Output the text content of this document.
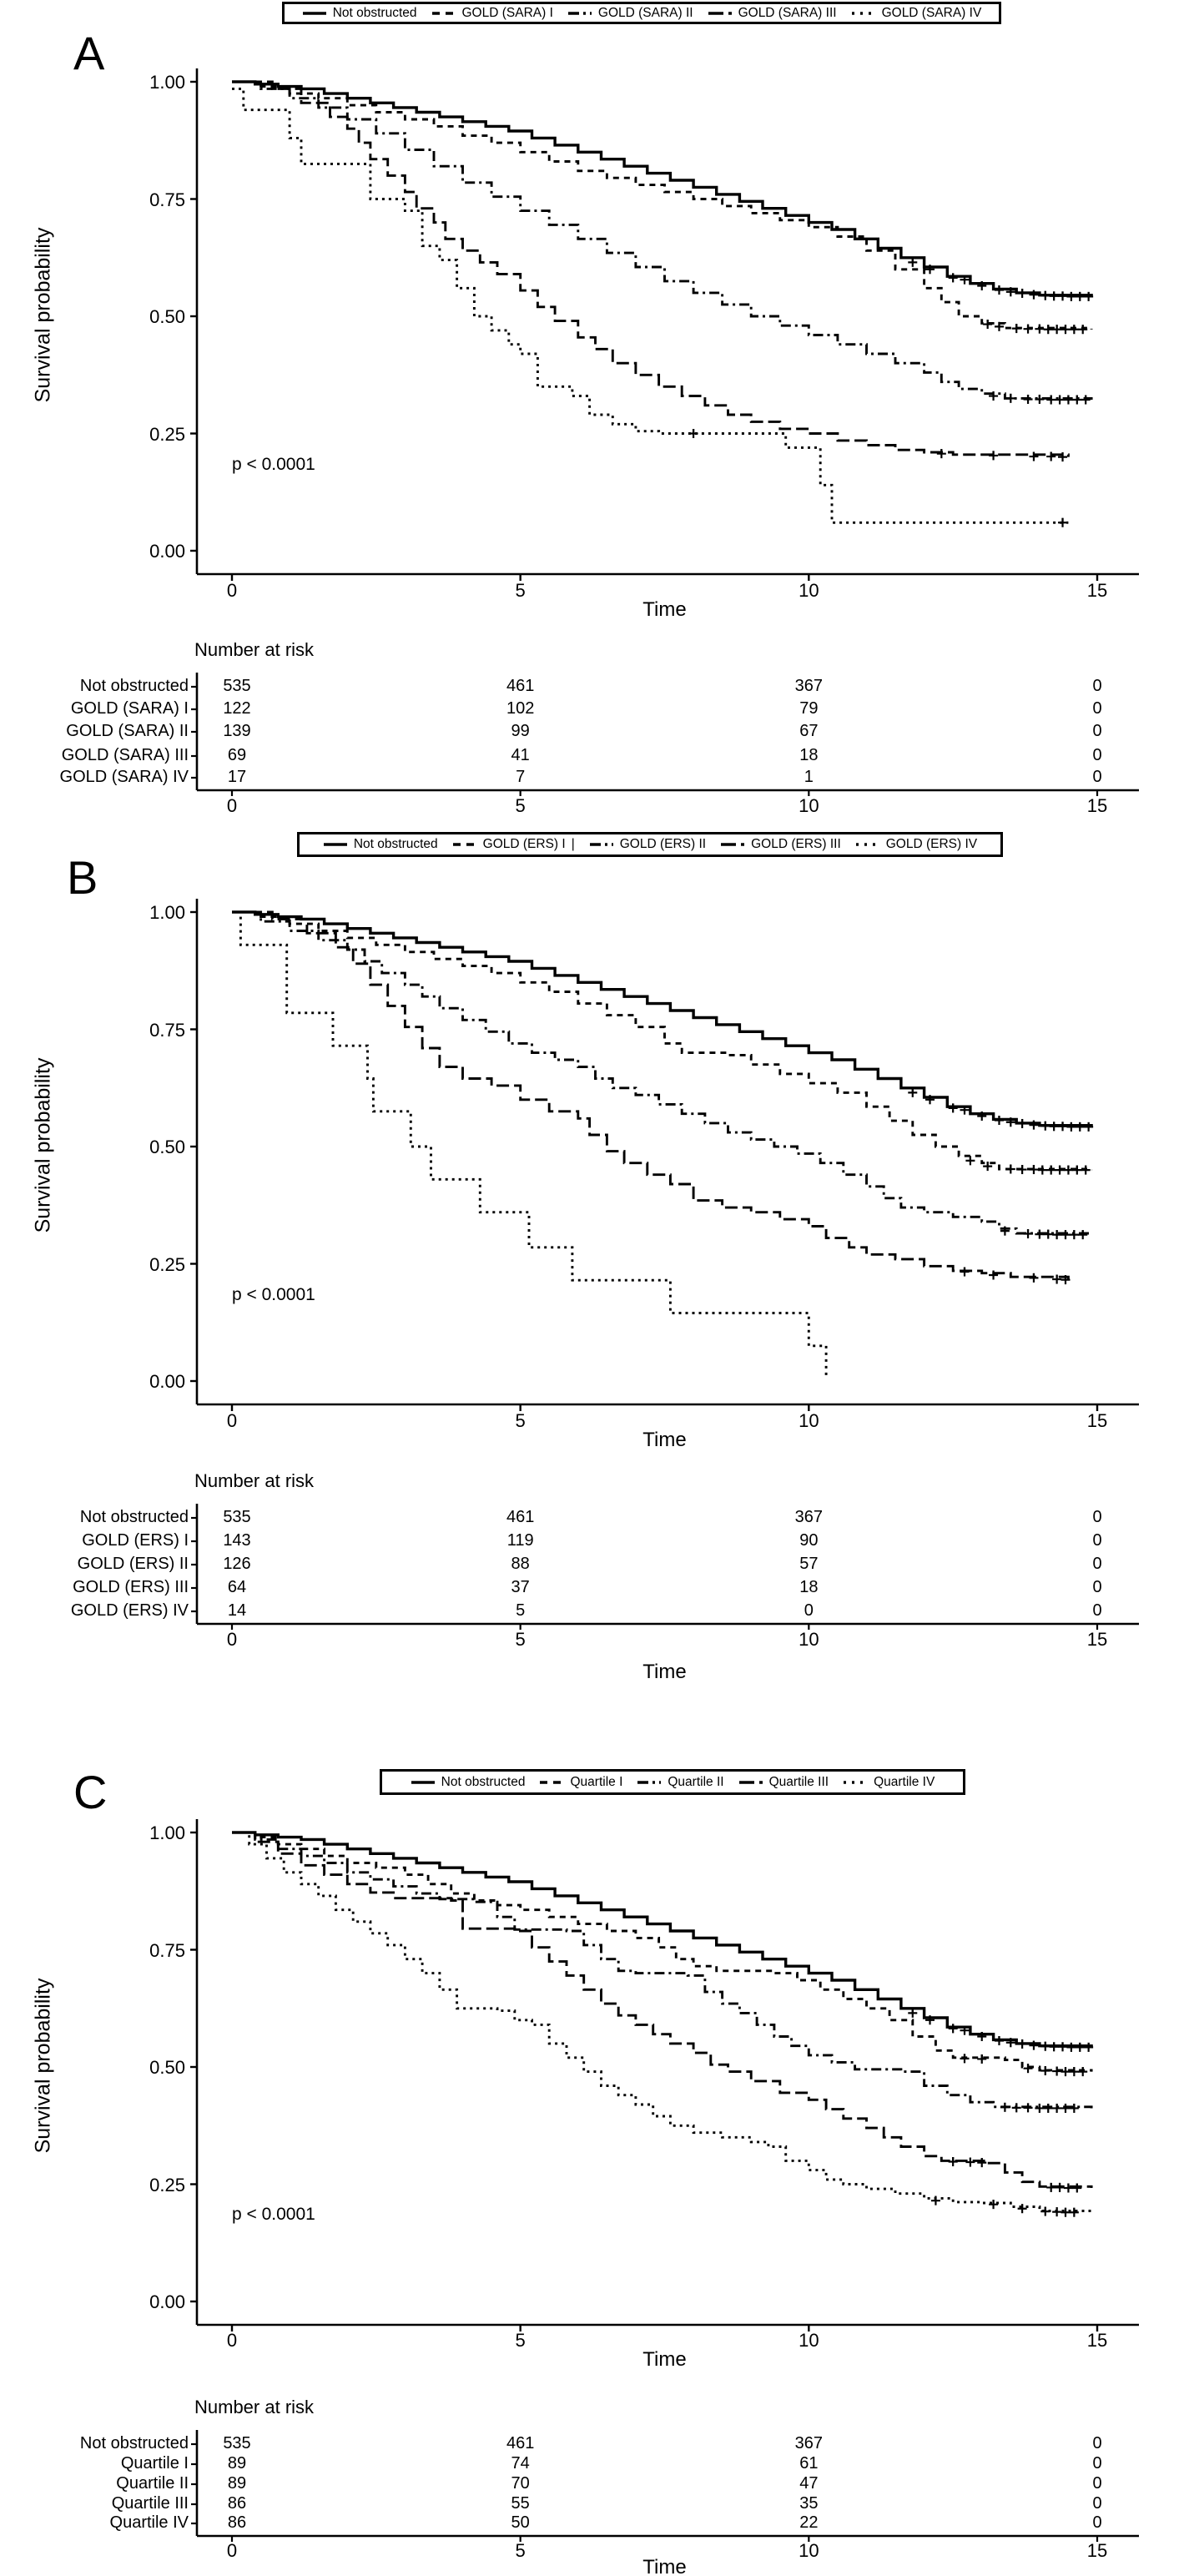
Not obstructed	GOLD (SARA) I	GOLD (SARA) II	GOLD (SARA) III	GOLD (SARA) IV
A
Survival probability
p < 0.0001
Time
1.00
0.75
0.50
0.25
0.00
0	5	10	15
Number at risk
Not obstructed	535	461	367	0
GOLD (SARA) I	122	102	79	0
GOLD (SARA) II	139	99	67	0
GOLD (SARA) III	69	41	18	0
GOLD (SARA) IV	17	7	1	0
0	5	10	15
Not obstructed	GOLD (ERS) I |	GOLD (ERS) II	GOLD (ERS) III	GOLD (ERS) IV
B
Survival probability
p < 0.0001
Time
1.00
0.75
0.50
0.25
0.00
0	5	10	15
Number at risk
Not obstructed	535	461	367	0
GOLD (ERS) I	143	119	90	0
GOLD (ERS) II	126	88	57	0
GOLD (ERS) III	64	37	18	0
GOLD (ERS) IV	14	5	0	0
0	5	10	15
Time
Not obstructed	Quartile I	Quartile II	Quartile III	Quartile IV
C
Survival probability
p < 0.0001
Time
1.00
0.75
0.50
0.25
0.00
0	5	10	15
Number at risk
Not obstructed	535	461	367	0
Quartile I	89	74	61	0
Quartile II	89	70	47	0
Quartile III	86	55	35	0
Quartile IV	86	50	22	0
0	5	10	15
Time
